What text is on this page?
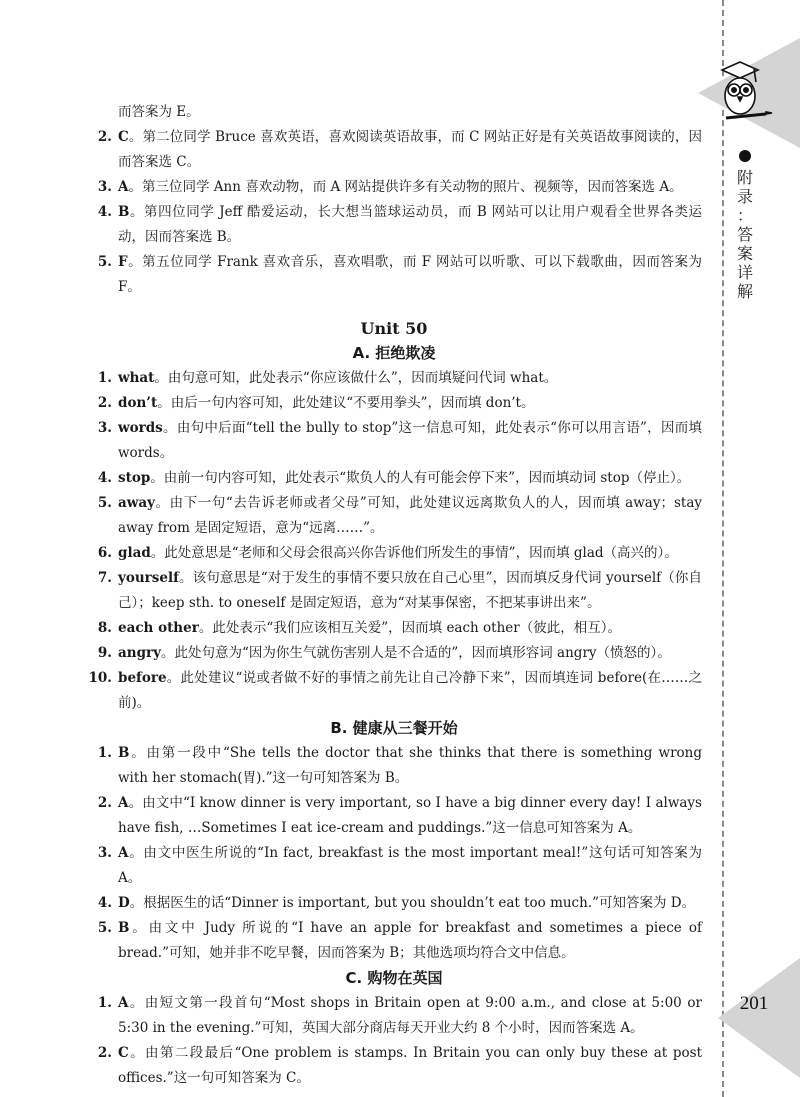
附
录
：
答
案
详
解
201
而答案为 E。
2. C。第二位同学 Bruce 喜欢英语，喜欢阅读英语故事，而 C 网站正好是有关英语故事阅读的，因而答案选 C。
3. A。第三位同学 Ann 喜欢动物，而 A 网站提供许多有关动物的照片、视频等，因而答案选 A。
4. B。第四位同学 Jeff 酷爱运动，长大想当篮球运动员，而 B 网站可以让用户观看全世界各类运动，因而答案选 B。
5. F。第五位同学 Frank 喜欢音乐，喜欢唱歌，而 F 网站可以听歌、可以下载歌曲，因而答案为 F。
Unit 50
A. 拒绝欺凌
1. what。由句意可知，此处表示“你应该做什么”，因而填疑问代词 what。
2. don’t。由后一句内容可知，此处建议“不要用拳头”，因而填 don’t。
3. words。由句中后面“tell the bully to stop”这一信息可知，此处表示“你可以用言语”，因而填 words。
4. stop。由前一句内容可知，此处表示“欺负人的人有可能会停下来”，因而填动词 stop（停止）。
5. away。由下一句“去告诉老师或者父母”可知，此处建议远离欺负人的人，因而填 away；stay away from 是固定短语，意为“远离……”。
6. glad。此处意思是“老师和父母会很高兴你告诉他们所发生的事情”，因而填 glad（高兴的）。
7. yourself。该句意思是“对于发生的事情不要只放在自己心里”，因而填反身代词 yourself（你自己）；keep sth. to oneself 是固定短语，意为“对某事保密，不把某事讲出来”。
8. each other。此处表示“我们应该相互关爱”，因而填 each other（彼此，相互）。
9. angry。此处句意为“因为你生气就伤害别人是不合适的”，因而填形容词 angry（愤怒的）。
10. before。此处建议“说或者做不好的事情之前先让自己冷静下来”，因而填连词 before(在……之前)。
B. 健康从三餐开始
1. B。由第一段中“She tells the doctor that she thinks that there is something wrong with her stomach(胃).”这一句可知答案为 B。
2. A。由文中“I know dinner is very important, so I have a big dinner every day! I always have fish, …Sometimes I eat ice-cream and puddings.”这一信息可知答案为 A。
3. A。由文中医生所说的“In fact, breakfast is the most important meal!”这句话可知答案为 A。
4. D。根据医生的话“Dinner is important, but you shouldn’t eat too much.”可知答案为 D。
5. B。由文中 Judy 所说的“I have an apple for breakfast and sometimes a piece of bread.”可知，她并非不吃早餐，因而答案为 B；其他选项均符合文中信息。
C. 购物在英国
1. A。由短文第一段首句“Most shops in Britain open at 9:00 a.m., and close at 5:00 or 5:30 in the evening.”可知，英国大部分商店每天开业大约 8 个小时，因而答案选 A。
2. C。由第二段最后“One problem is stamps. In Britain you can only buy these at post offices.”这一句可知答案为 C。
